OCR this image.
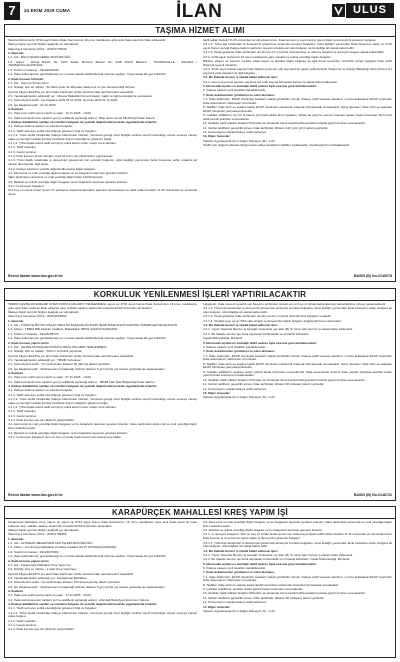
7	24 EKİM 2025 CUMA	İLAN	ULUS
TAŞIMA HİZMET ALIMI

Taşıma hizmet alımı 4734 sayılı Kamu İhale Kanununun 19 uncu maddesine göre açık ihale usulü ile ihale edilecektir.

İhaleye ilişkin ayrıntılı bilgiler aşağıda yer almaktadır:

İhale Kayıt Numarası (İKN) : 2025/1775848

1- İdarenin

1.1. Adı : BİLGİ İŞLEM GENEL MÜDÜRLÜĞÜ

1.2. Adresi : Ahmet Rasim Sk. Fatih Sultan Mehmet Bulvarı No: 44/B 06370 Batıkent - YENİMAHALLE / ANKARA / YENİMAHALLE/ANKARA

1.3. Telefon numarası : 03122003345

1.4. İhale dokümanının görülebileceği ve e-imzalı olarak indirilebileceği internet sayfası : https://ekap.kik.gov.tr/EKAP/

2- İhale konusu hizmetin

2.1. Adı : Taşıma Hizmet Alımı

2.2. Niteliği, türü ve miktarı : 82 farklı türde 34.392 adet nakliye işi ve yön denetmenliği hizmeti

Ayrıntılı bilgiye EKAP'ta yer alan ihale dokümanı içinde bulunan idari şartnameden ulaşılabilir.

2.3. Yapılacağı/teslim edileceği yer : Mevcut Bakanlık hizmet binaları, bağlı ve ilgili kuruluşlar ile yerleşkeler

2.4. Süresi/teslim tarihi : İşe başlama tarihi 01.01.2026, işin bitiş tarihi 31.12.2026

2.5. İşe başlama tarihi : 01.01.2026

3- İhalenin

3.1. İhale (son teklif verme) tarih ve saati : 19.11.2025 - 10:00

3.2. İhale komisyonunun toplantı yeri (e-tekliflerin açılacağı adres) : Bilgi İşlem Genel Müdürlüğü İhale Salonu

4. İhaleye katılabilme şartları ve istenilen belgeler ile yeterlik değerlendirmesinde uygulanacak kriterler:

4.1. İhaleye katılma şartları ve istenilen belgeler:

4.1.1. Teklif vermeye yetkili olunduğunu gösteren bilgi ve belgeler;

4.1.1.1. Tüzel kişilik tarafından ihaleye katılınması halinde, mevzuatı gereği tüzel kişiliğin siciline kayıtlı bulunduğu ticaret ve/veya sanayi odası ya da ilgili mesleki kuruluş nezdinde kayıtlı olunduğunu gösteren belge.

4.1.1.2. Tüzel kişilik adına teklif vermeye yetkili kişinin noter onaylı imza sirküleri.

4.1.2. Teklif mektubu.

4.1.3. Geçici teminat.

4.1.4. İhale konusu alımın tamamı veya bir kısmı alt yüklenicilere yaptırılamaz.

4.1.5. Tüzel kişilik tarafından iş deneyimini göstermek için sunulan belgenin, tüzel kişiliğin yarısından fazla hissesine sahip ortağına ait olması durumunda, ilgili belge.

4.1.6. İhaleye katılımın yeterlik değerlendirmesine ilişkin belgeler.

4.2. Ekonomik ve mali yeterliğe ilişkin belgeler ve bu belgelerin taşıması gereken kriterler:

İdare tarafından ekonomik ve mali yeterliğe ilişkin kriter belirtilmemiştir.

4.3. Mesleki ve teknik yeterliğe ilişkin belgeler ve bu belgelerin taşıması gereken kriterler:

4.3.1. İş deneyim belgeleri:

Son beş yıl içinde bedel içeren bir sözleşme kapsamında kabul işlemleri tamamlanan ve teklif edilen bedelin % 25 oranından az olmamak üzere

teklif edilen bedelin % 25 oranından az olmamak üzere, ihale konusu iş veya benzer işlere ilişkin iş deneyimini gösteren belgeler.

4.3.1.1. Tüzel kişi tarafından iş deneyimini göstermek amacıyla sunulan belgelere; tüzel kişiliğin yarısından fazla hissesine sahip ve 4734 sayılı Kanun gereği ihaleye katılım şartlarını taşıyan ortağına ait olan belgeler, tüzel kişiliğe ait olarak kabul edilir.

4.3.1.2. Ortak girişimler ihale tarihinden önceki son bir yıl içinde düzenlenmiş ve alınmış belgeleri iş deneyim belgesi olarak kullanabilir.

4.3.2. 4734 sayılı Kanun'un 10 uncu maddesine göre mesleki ve teknik yeterliğe ilişkin belgeler:

Bilirkişi, eksper ve benzeri meslek odası kaydı ve bunlara ilişkin belgeler ile ilgili kamu kurumları nezdinde alınan belgeler ihale tarihi itibarıyla geçerli olmalıdır.

4.3.3. 4734 sayılı Kanun kapsamında faaliyet gösteren yük taşımacılığı yapan yüklenicilerin Ulaştırma ve Altyapı Bakanlığı'ndan alınmış K1 veya K3 yetki belgeleri ile ilgili belgeler.

4.4. Bu ihalede benzer iş olarak kabul edilecek işler:

4.4.1. Kamu veya özel sektöre yapılmış her türlü taşıma hizmetleri benzer iş olarak kabul edilecektir.

5. Ekonomik açıdan en avantajlı teklif sadece fiyat esasına göre belirlenecektir.

6. İhaleye sadece yerli istekliler katılabilecektir.

7. İhale dokümanının görülmesi ve satın alınması:

7.1. İhale dokümanı, EKAP üzerinden bedelsiz olarak görülebilir. Ancak, ihaleye teklif verecek olanların, e-imza kullanarak EKAP üzerinden ihale dokümanını indirmeleri zorunludur.

8. Teklifler, ihale tarih ve saatine kadar EKAP üzerinden elektronik ortamda hazırlanarak sunulacaktır. Açılış işlemleri, ihale tarih ve saatinde EKAP üzerinden gerçekleştirilecektir.

9. İstekliler tekliflerini, her bir iş kalemi için teklif edilen birim fiyatların miktarı ile çarpımı sonucu bulunan toplam bedel üzerinden birim fiyat teklif cetveli şeklinde vereceklerdir.

10. İstekliler teklif ettikleri bedelin %3'ünden az olmamak üzere kendi belirleyecekleri tutarda geçici teminat vereceklerdir.

11. Verilen tekliflerin geçerlilik süresi, ihale tarihinden itibaren 120 (yüz yirmi) takvim günüdür.

12. Konsorsiyum olarak ihaleye teklif verilemez.

13. Diğer hususlar:

İhalede Uygulanacak Sınır Değer Katsayısı (R) : 1,00

Teklifi sınır değerin altında olduğu tespit edilen isteklilerin teklifleri açıklamaları istenilmeksizin reddedilecektir.

Resmî ilanlar www.ilan.gov.tr'de	BASIN (B) No:2146678
KORKULUK YENİLENMESİ İŞLERİ YAPTIRILACAKTIR

TEMİNİ ÇEVRE DUVARLARI KISMİ KORKULUKLARIN YENİLENMESİ yapım işi 4734 sayılı Kamu İhale Kanununun 19 uncu maddesine göre açık ihale usulü ile ihale edilecek olup, teklifler sadece elektronik ortamda EKAP üzerinden alınacaktır.

İhaleye ilişkin ayrıntılı bilgiler aşağıda yer almaktadır:

İhale Kayıt Numarası (İKN) : 2025/1919062

1- İdarenin

1.1. Adı : TÜRKİYE BÜYÜK MİLLET MECLİSİ BAŞKANLIĞI İDARİ İŞLER BAŞKANLIĞI DESTEK HİZMETLERİ BAŞKANLIĞI

1.2. Adresi : TBMM Milli İradeler Caddesi, Bakanlıklar 06543 ÇANKAYA/ANKARA

1.3. Telefon numarası : 03124206726

1.4. İhale dokümanının görülebileceği ve e-imzalı olarak indirilebileceği internet sayfası : https://ekap.kik.gov.tr/EKAP/

2- İhale konusu yapım işinin

2.1. Adı : ÇEVRE DUVARLARI KISMİ KORKULUKLARIN YENİLENMESİ

2.2. Niteliği, türü ve miktarı : 520 m² korkuluk yapılması

Ayrıntılı bilgiye EKAP'ta yer alan ihale dokümanı içinde bulunan idari şartnameden ulaşılabilir.

2.3. Yapılacağı/teslim edileceği yer : TBMM Yerleşkesi

2.4. Süresi/teslim tarihi : Yer tesliminden itibaren 60 (altmış) takvim günüdür.

2.5. İşe başlama tarihi : Sözleşmenin imzalandığı tarihten itibaren 5 gün içinde yer teslimi yapılarak işe başlanacaktır.

3- İhalenin

3.1. İhale (son teklif verme) tarih ve saati : 07.11.2025 - 10:00

3.2. İhale komisyonunun toplantı yeri (e-tekliflerin açılacağı adres) : TBMM İdari İşler Başkanlığı İhale Salonu

4. İhaleye katılabilme şartları ve istenilen belgeler ile yeterlik değerlendirmesinde uygulanacak kriterler:

4.1. İhaleye katılma şartları ve istenilen belgeler:

4.1.1. Teklif vermeye yetkili olunduğunu gösteren bilgi ve belgeler;

4.1.1.1. Tüzel kişilik tarafından ihaleye katılınması halinde, mevzuatı gereği tüzel kişiliğin siciline kayıtlı bulunduğu ticaret ve/veya sanayi odası ya da ilgili mesleki kuruluş nezdinde kayıtlı olduğunu gösteren belge.

4.1.1.2. Tüzel kişilik adına teklif vermeye yetkili kişinin noter onaylı imza sirküleri.

4.1.2. Teklif mektubu.

4.1.3. Geçici teminat.

4.1.4. İhale konusu işte alt yüklenici çalıştırılabilir.

4.2. Ekonomik ve mali yeterliğe ilişkin belgeler ve bu belgelerin taşıması gereken kriterler: İdare tarafından ekonomik ve mali yeterliğe ilişkin kriter belirtilmemiştir.

4.3. Mesleki ve teknik yeterliğe ilişkin belgeler ve bu belgelerin taşıması gereken kriterler:

4.3.1. İş deneyim belgeleri: Son on beş yıl içinde bedel içeren tek sözleşmeye ilişkin

belgelerin, ihale veya ön yeterlik son başvuru tarihinden önceki son on beş yıl içinde kabul işlemleri tamamlanmış olması gerekmektedir.

4.3.1.1. Tüzel kişi tarafından iş deneyimini göstermek amacıyla sunulan belgelere; tüzel kişiliğin yarısından fazla hissesine sahip ortağına ait olan belgeler, tüzel kişiliğe ait olarak kabul edilir.

4.3.1.2. Ortak girişimler ihale tarihinden önceki son bir yıl içinde düzenlenmiş belgeleri sunabilir.

4.3.1.3. Ortaklık payı en az %51 olan ortağın iş deneyimine ilişkin belgeler değerlendirmeye alınacaktır.

4.4. Bu ihalede benzer iş olarak kabul edilecek işler:

4.4.1. Yapım İşlerinde Benzer İş Grupları Listesinde yer alan (B) III. Grup işler benzer iş olarak kabul edilecektir.

4.4.2. Bu ihalede benzer işe denk sayılacak mühendislik ve mimarlık bölümleri:

İnşaat Mühendisliği, Mimarlık

5. Ekonomik açıdan en avantajlı teklif sadece fiyat esasına göre belirlenecektir.

6. İhaleye sadece yerli istekliler katılabilecektir.

7. İhale dokümanının görülmesi ve satın alınması:

7.1. İhale dokümanı, EKAP üzerinden bedelsiz olarak görülebilir. Ancak, ihaleye teklif verecek olanların, e-imza kullanarak EKAP üzerinden ihale dokümanını indirmeleri zorunludur.

8. Teklifler, ihale tarih ve saatine kadar EKAP üzerinden elektronik ortamda hazırlanarak sunulacaktır. Açılış işlemleri, ihale tarih ve saatinde EKAP üzerinden gerçekleştirilecektir.

9. İstekliler tekliflerini, anahtar teslim götürü bedel üzerinden vereceklerdir. İhale sonucunda, üzerine ihale yapılan istekliyle anahtar teslim götürü bedel sözleşme imzalanacaktır.

10. İstekliler teklif ettikleri bedelin %3'ünden az olmamak üzere kendi belirleyecekleri tutarda geçici teminat vereceklerdir.

11. Verilen tekliflerin geçerlilik süresi, ihale tarihinden itibaren 90 (doksan) takvim günüdür.

12. Konsorsiyum olarak ihaleye teklif verilemez.

13. Diğer hususlar:

İhalede Uygulanacak Sınır Değer Katsayısı (N) : 1,00

Resmî ilanlar www.ilan.gov.tr'de	BASIN (B) No:2148731
KARAPÜRÇEK MAHALLESİ KREŞ YAPIM İŞİ

Karapürçek Mahallesi Kreş Yapım İşi yapım işi 4734 sayılı Kamu İhale Kanununun 19 uncu maddesine göre açık ihale usulü ile ihale edilecek olup, teklifler sadece elektronik ortamda EKAP üzerinden alınacaktır.

İhaleye ilişkin ayrıntılı bilgiler aşağıda yer almaktadır:

İhale Kayıt Numarası (İKN) : 2025/1789466

1- İdarenin

1.1. Adı : ALTINDAĞ BELEDİYESİ FEN İŞLERİ MÜDÜRLÜĞÜ

1.2. Adresi : Cumhuriyet Mahallesi Kurtuluş Caddesi No:27 ALTINDAĞ/ANKARA

1.3. Telefon numarası : 03123970480

1.4. İhale dokümanının görülebileceği ve e-imzalı olarak indirilebileceği internet sayfası : https://ekap.kik.gov.tr/EKAP/

2- İhale konusu yapım işinin

2.1. Adı : Karapürçek Mahallesi Kreş Yapım İşi

2.2. Niteliği, türü ve miktarı : 1 Adet Kreş Yapılması

Ayrıntılı bilgiye EKAP'ta yer alan ihale dokümanı içinde bulunan idari şartnameden ulaşılabilir.

2.3. Yapılacağı/teslim edileceği yer : Karapürçek Mahallesi

2.4. Süresi/teslim tarihi : Yer tesliminden itibaren 270 (ikiyüzyetmiş) takvim günüdür.

2.5. İşe başlama tarihi : Sözleşmenin imzalandığı tarihten itibaren 5 gün içinde yer teslimi yapılarak işe başlanacaktır.

3- İhalenin

3.1. İhale (son teklif verme) tarih ve saati : 17.11.2025 - 10:00

3.2. İhale komisyonunun toplantı yeri (e-tekliflerin açılacağı adres) : Altındağ Belediyesi Encümen Salonu

4. İhaleye katılabilme şartları ve istenilen belgeler ile yeterlik değerlendirmesinde uygulanacak kriterler:

4.1.1. Teklif vermeye yetkili olunduğunu gösteren bilgi ve belgeler;

4.1.1.1. Tüzel kişilik tarafından ihaleye katılınması halinde, mevzuatı gereği tüzel kişiliğin siciline kayıtlı bulunduğu ticaret ve/veya sanayi odası belgesi.

4.1.2. Teklif mektubu.

4.1.3. Geçici teminat.

4.1.4. İhale konusu işte alt yüklenici çalıştırılabilir.

4.2. Ekonomik ve mali yeterliğe ilişkin belgeler ve bu belgelerin taşıması gereken kriterler: İdare tarafından ekonomik ve mali yeterliğe ilişkin kriter belirtilmemiştir.

4.3. Mesleki ve teknik yeterliğe ilişkin belgeler ve bu belgelerin taşıması gereken kriterler:

4.3.1. İş deneyim belgeleri: Son on beş yıl içinde bedel içeren tek sözleşmeye ilişkin teklif edilen bedelin % 40 oranından az olmamak üzere ihale konusu iş veya benzer işlere ilişkin iş deneyimini gösteren belgeler.

4.3.1.1. Tüzel kişi tarafından iş deneyimini göstermek amacıyla sunulan belgelere; tüzel kişiliğin yarısından fazla hissesine sahip ortağına ait olan belgeler, tüzel kişiliğe ait olarak kabul edilir.

4.4. Bu ihalede benzer iş olarak kabul edilecek işler:

4.4.1. Yapım İşlerinde Benzer İş Grupları Listesinde yer alan (B) III. Grup işler benzer iş olarak kabul edilecektir.

4.4.2. Bu ihalede benzer işe denk sayılacak mühendislik ve mimarlık bölümleri: İnşaat Mühendisliği, Mimarlık

5. Ekonomik açıdan en avantajlı teklif sadece fiyat esasına göre belirlenecektir.

6. İhaleye sadece yerli istekliler katılabilecektir.

7. İhale dokümanının görülmesi ve satın alınması:

7.1. İhale dokümanı, EKAP üzerinden bedelsiz olarak görülebilir. Ancak, ihaleye teklif verecek olanların, e-imza kullanarak EKAP üzerinden ihale dokümanını indirmeleri zorunludur.

8. Teklifler, ihale tarih ve saatine kadar EKAP üzerinden elektronik ortamda hazırlanarak sunulacaktır.

9. İstekliler tekliflerini, anahtar teslim götürü bedel üzerinden vereceklerdir.

10. İstekliler teklif ettikleri bedelin %3'ünden az olmamak üzere kendi belirleyecekleri tutarda geçici teminat vereceklerdir.

11. Verilen tekliflerin geçerlilik süresi, ihale tarihinden itibaren 90 (doksan) takvim günüdür.

12. Konsorsiyum olarak ihaleye teklif verilemez.

13. Diğer hususlar:

İhalede Uygulanacak Sınır Değer Katsayısı (N) : 1,00
